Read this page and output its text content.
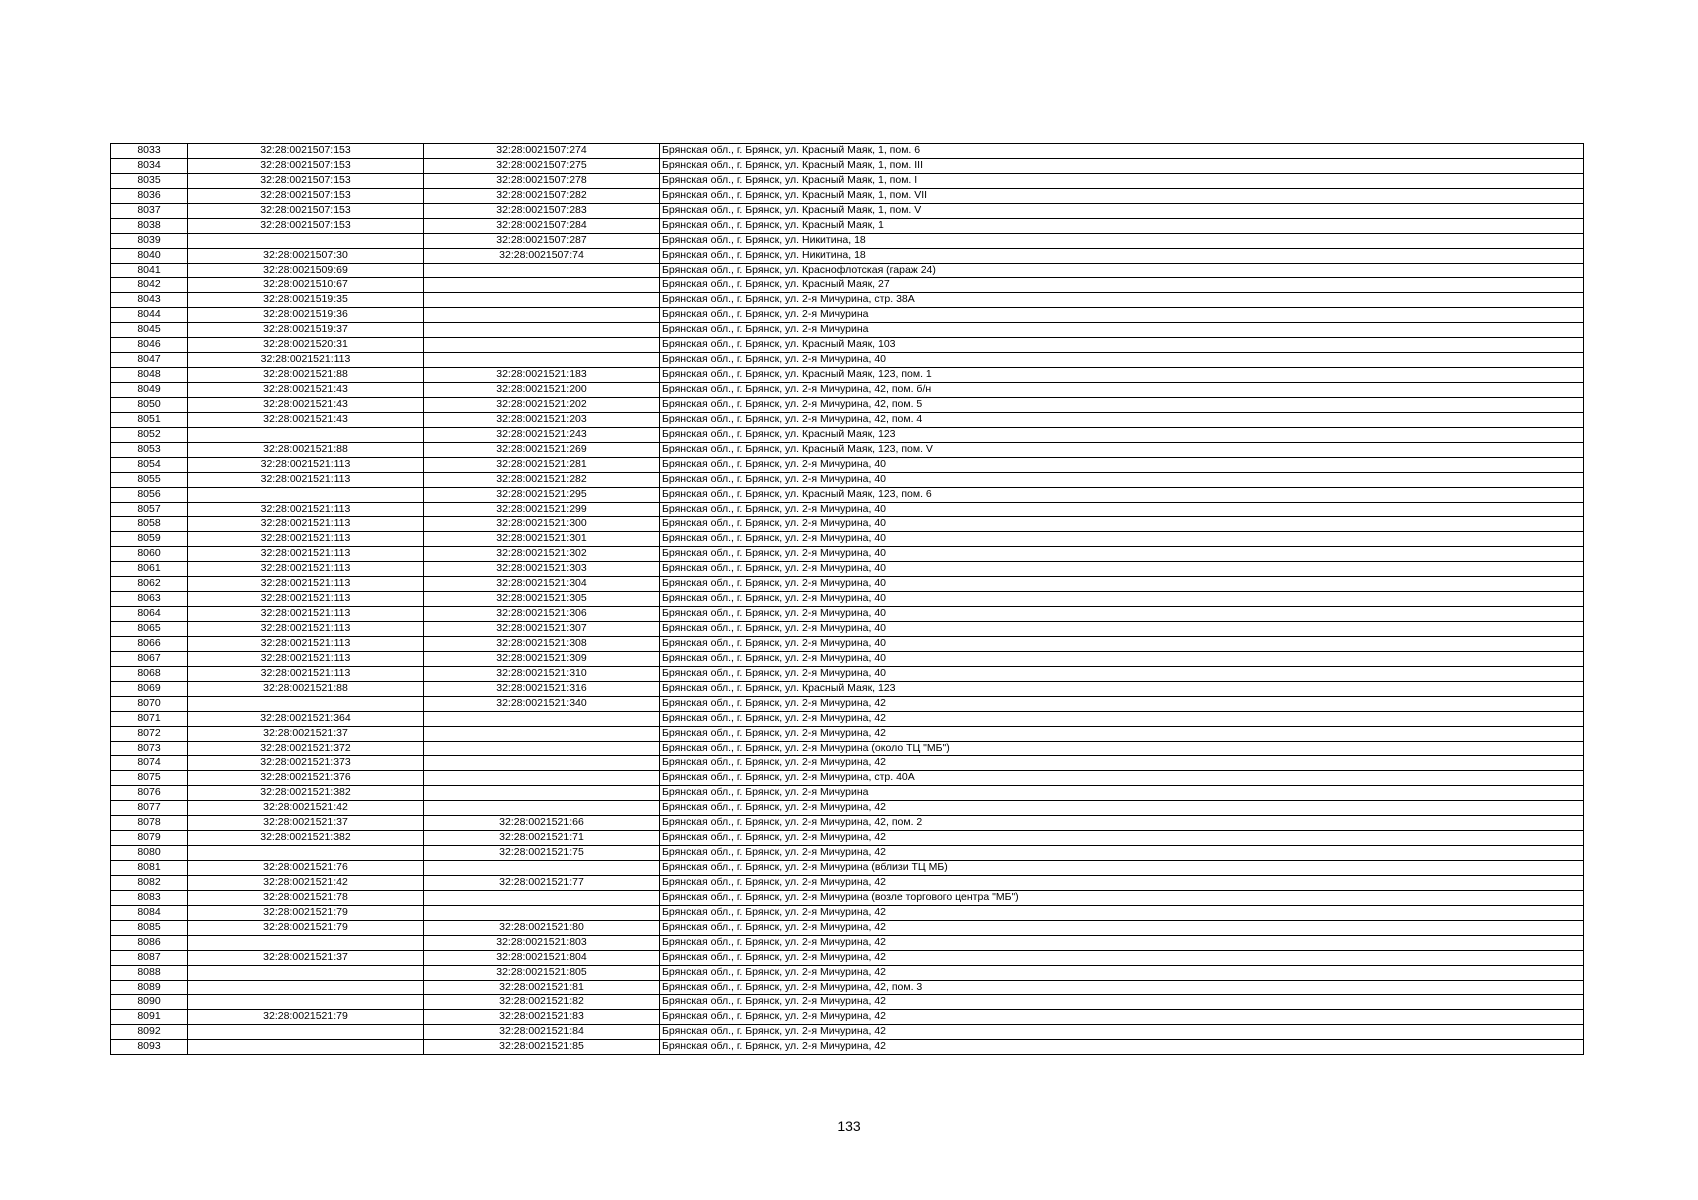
8033	32:28:0021507:153	32:28:0021507:274	Брянская обл., г. Брянск, ул. Красный Маяк, 1, пом. 6
8034	32:28:0021507:153	32:28:0021507:275	Брянская обл., г. Брянск, ул. Красный Маяк, 1, пом. III
8035	32:28:0021507:153	32:28:0021507:278	Брянская обл., г. Брянск, ул. Красный Маяк, 1, пом. I
8036	32:28:0021507:153	32:28:0021507:282	Брянская обл., г. Брянск, ул. Красный Маяк, 1, пом. VII
8037	32:28:0021507:153	32:28:0021507:283	Брянская обл., г. Брянск, ул. Красный Маяк, 1, пом. V
8038	32:28:0021507:153	32:28:0021507:284	Брянская обл., г. Брянск, ул. Красный Маяк, 1
8039		32:28:0021507:287	Брянская обл., г. Брянск, ул. Никитина, 18
8040	32:28:0021507:30	32:28:0021507:74	Брянская обл., г. Брянск, ул. Никитина, 18
8041	32:28:0021509:69		Брянская обл., г. Брянск, ул. Краснофлотская (гараж 24)
8042	32:28:0021510:67		Брянская обл., г. Брянск, ул. Красный Маяк, 27
8043	32:28:0021519:35		Брянская обл., г. Брянск, ул. 2-я Мичурина, стр. 38А
8044	32:28:0021519:36		Брянская обл., г. Брянск, ул. 2-я Мичурина
8045	32:28:0021519:37		Брянская обл., г. Брянск, ул. 2-я Мичурина
8046	32:28:0021520:31		Брянская обл., г. Брянск, ул. Красный Маяк, 103
8047	32:28:0021521:113		Брянская обл., г. Брянск, ул. 2-я Мичурина, 40
8048	32:28:0021521:88	32:28:0021521:183	Брянская обл., г. Брянск, ул. Красный Маяк, 123, пом. 1
8049	32:28:0021521:43	32:28:0021521:200	Брянская обл., г. Брянск, ул. 2-я Мичурина, 42, пом. б/н
8050	32:28:0021521:43	32:28:0021521:202	Брянская обл., г. Брянск, ул. 2-я Мичурина, 42, пом. 5
8051	32:28:0021521:43	32:28:0021521:203	Брянская обл., г. Брянск, ул. 2-я Мичурина, 42, пом. 4
8052		32:28:0021521:243	Брянская обл., г. Брянск, ул. Красный Маяк, 123
8053	32:28:0021521:88	32:28:0021521:269	Брянская обл., г. Брянск, ул. Красный Маяк, 123, пом. V
8054	32:28:0021521:113	32:28:0021521:281	Брянская обл., г. Брянск, ул. 2-я Мичурина, 40
8055	32:28:0021521:113	32:28:0021521:282	Брянская обл., г. Брянск, ул. 2-я Мичурина, 40
8056		32:28:0021521:295	Брянская обл., г. Брянск, ул. Красный Маяк, 123, пом. 6
8057	32:28:0021521:113	32:28:0021521:299	Брянская обл., г. Брянск, ул. 2-я Мичурина, 40
8058	32:28:0021521:113	32:28:0021521:300	Брянская обл., г. Брянск, ул. 2-я Мичурина, 40
8059	32:28:0021521:113	32:28:0021521:301	Брянская обл., г. Брянск, ул. 2-я Мичурина, 40
8060	32:28:0021521:113	32:28:0021521:302	Брянская обл., г. Брянск, ул. 2-я Мичурина, 40
8061	32:28:0021521:113	32:28:0021521:303	Брянская обл., г. Брянск, ул. 2-я Мичурина, 40
8062	32:28:0021521:113	32:28:0021521:304	Брянская обл., г. Брянск, ул. 2-я Мичурина, 40
8063	32:28:0021521:113	32:28:0021521:305	Брянская обл., г. Брянск, ул. 2-я Мичурина, 40
8064	32:28:0021521:113	32:28:0021521:306	Брянская обл., г. Брянск, ул. 2-я Мичурина, 40
8065	32:28:0021521:113	32:28:0021521:307	Брянская обл., г. Брянск, ул. 2-я Мичурина, 40
8066	32:28:0021521:113	32:28:0021521:308	Брянская обл., г. Брянск, ул. 2-я Мичурина, 40
8067	32:28:0021521:113	32:28:0021521:309	Брянская обл., г. Брянск, ул. 2-я Мичурина, 40
8068	32:28:0021521:113	32:28:0021521:310	Брянская обл., г. Брянск, ул. 2-я Мичурина, 40
8069	32:28:0021521:88	32:28:0021521:316	Брянская обл., г. Брянск, ул. Красный Маяк, 123
8070		32:28:0021521:340	Брянская обл., г. Брянск, ул. 2-я Мичурина, 42
8071	32:28:0021521:364		Брянская обл., г. Брянск, ул. 2-я Мичурина, 42
8072	32:28:0021521:37		Брянская обл., г. Брянск, ул. 2-я Мичурина, 42
8073	32:28:0021521:372		Брянская обл., г. Брянск, ул. 2-я Мичурина (около ТЦ "МБ")
8074	32:28:0021521:373		Брянская обл., г. Брянск, ул. 2-я Мичурина, 42
8075	32:28:0021521:376		Брянская обл., г. Брянск, ул. 2-я Мичурина, стр. 40А
8076	32:28:0021521:382		Брянская обл., г. Брянск, ул. 2-я Мичурина
8077	32:28:0021521:42		Брянская обл., г. Брянск, ул. 2-я Мичурина, 42
8078	32:28:0021521:37	32:28:0021521:66	Брянская обл., г. Брянск, ул. 2-я Мичурина, 42, пом. 2
8079	32:28:0021521:382	32:28:0021521:71	Брянская обл., г. Брянск, ул. 2-я Мичурина, 42
8080		32:28:0021521:75	Брянская обл., г. Брянск, ул. 2-я Мичурина, 42
8081	32:28:0021521:76		Брянская обл., г. Брянск, ул. 2-я Мичурина (вблизи ТЦ МБ)
8082	32:28:0021521:42	32:28:0021521:77	Брянская обл., г. Брянск, ул. 2-я Мичурина, 42
8083	32:28:0021521:78		Брянская обл., г. Брянск, ул. 2-я Мичурина (возле торгового центра "МБ")
8084	32:28:0021521:79		Брянская обл., г. Брянск, ул. 2-я Мичурина, 42
8085	32:28:0021521:79	32:28:0021521:80	Брянская обл., г. Брянск, ул. 2-я Мичурина, 42
8086		32:28:0021521:803	Брянская обл., г. Брянск, ул. 2-я Мичурина, 42
8087	32:28:0021521:37	32:28:0021521:804	Брянская обл., г. Брянск, ул. 2-я Мичурина, 42
8088		32:28:0021521:805	Брянская обл., г. Брянск, ул. 2-я Мичурина, 42
8089		32:28:0021521:81	Брянская обл., г. Брянск, ул. 2-я Мичурина, 42, пом. 3
8090		32:28:0021521:82	Брянская обл., г. Брянск, ул. 2-я Мичурина, 42
8091	32:28:0021521:79	32:28:0021521:83	Брянская обл., г. Брянск, ул. 2-я Мичурина, 42
8092		32:28:0021521:84	Брянская обл., г. Брянск, ул. 2-я Мичурина, 42
8093		32:28:0021521:85	Брянская обл., г. Брянск, ул. 2-я Мичурина, 42
133
